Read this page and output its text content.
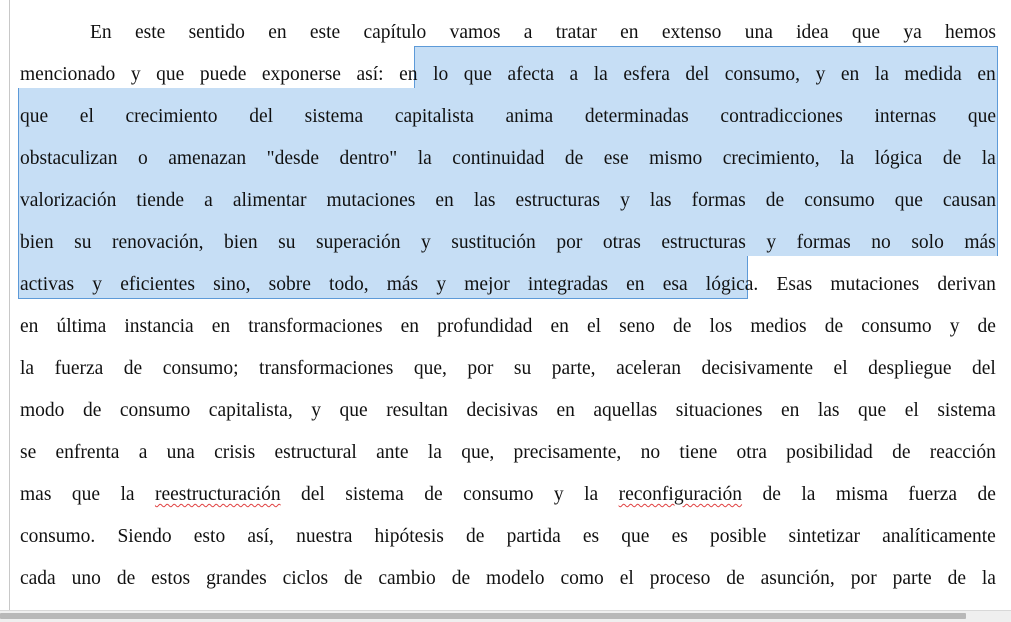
En este sentido en este capítulo vamos a tratar en extenso una idea que ya hemos
mencionado y que puede exponerse así: en lo que afecta a la esfera del consumo, y en la medida en
que el crecimiento del sistema capitalista anima determinadas contradicciones internas que
obstaculizan o amenazan "desde dentro" la continuidad de ese mismo crecimiento, la lógica de la
valorización tiende a alimentar mutaciones en las estructuras y las formas de consumo que causan
bien su renovación, bien su superación y sustitución por otras estructuras y formas no solo más
activas y eficientes sino, sobre todo, más y mejor integradas en esa lógica. Esas mutaciones derivan
en última instancia en transformaciones en profundidad en el seno de los medios de consumo y de
la fuerza de consumo; transformaciones que, por su parte, aceleran decisivamente el despliegue del
modo de consumo capitalista, y que resultan decisivas en aquellas situaciones en las que el sistema
se enfrenta a una crisis estructural ante la que, precisamente, no tiene otra posibilidad de reacción
mas que la reestructuración del sistema de consumo y la reconfiguración de la misma fuerza de
consumo. Siendo esto así, nuestra hipótesis de partida es que es posible sintetizar analíticamente
cada uno de estos grandes ciclos de cambio de modelo como el proceso de asunción, por parte de la
